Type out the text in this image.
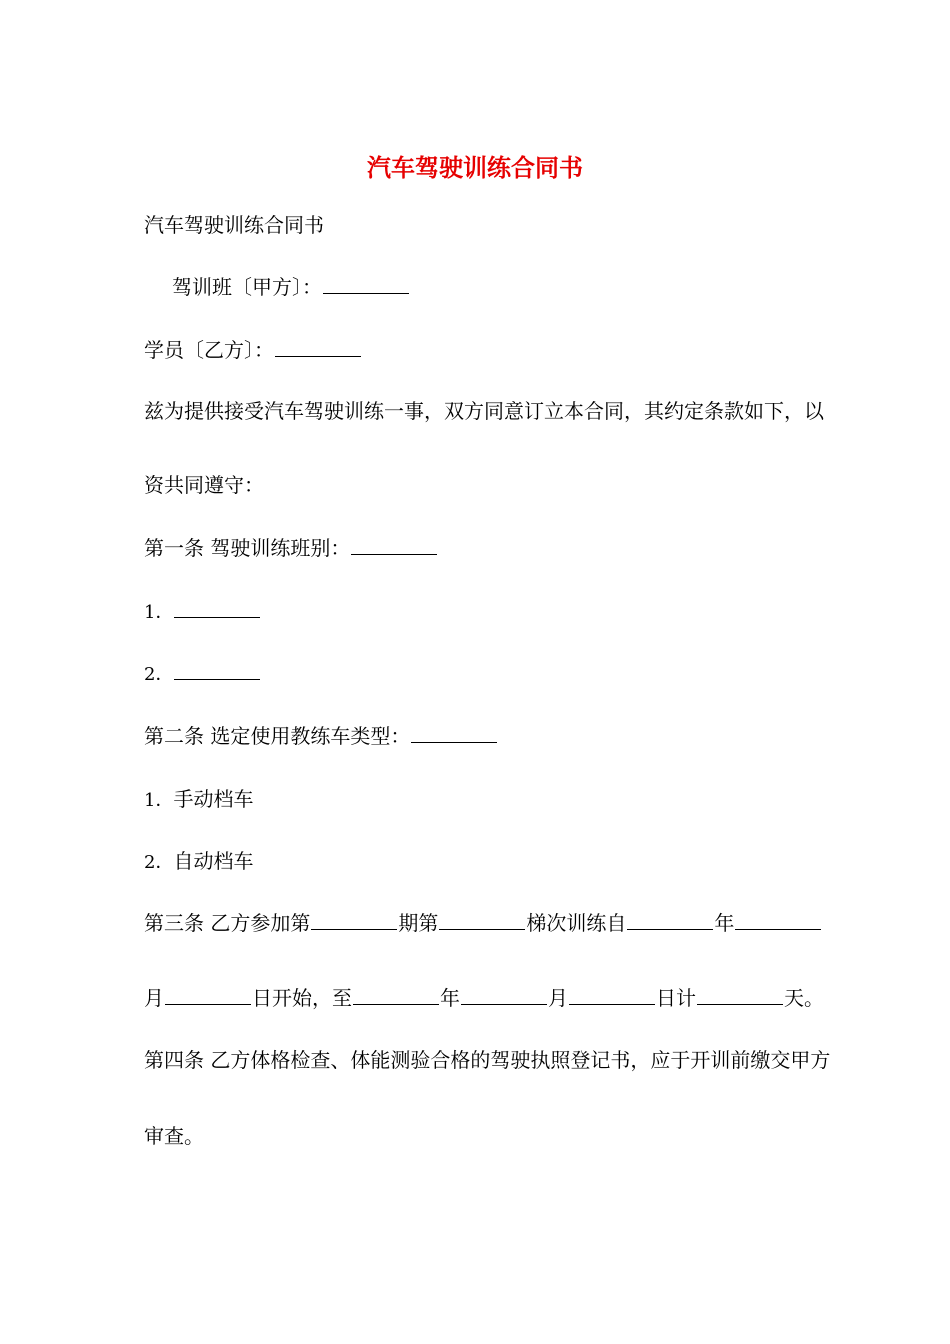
汽车驾驶训练合同书
汽车驾驶训练合同书
驾训班〔甲方〕：
学员〔乙方〕：
兹为提供接受汽车驾驶训练一事，双方同意订立本合同，其约定条款如下，以
资共同遵守：
第一条 驾驶训练班别：
1．
2．
第二条 选定使用教练车类型：
1．手动档车
2．自动档车
第三条 乙方参加第	期第	梯次训练自	年
月	日开始，至	年	月	日计	天。
第四条 乙方体格检查、体能测验合格的驾驶执照登记书，应于开训前缴交甲方
审查。
